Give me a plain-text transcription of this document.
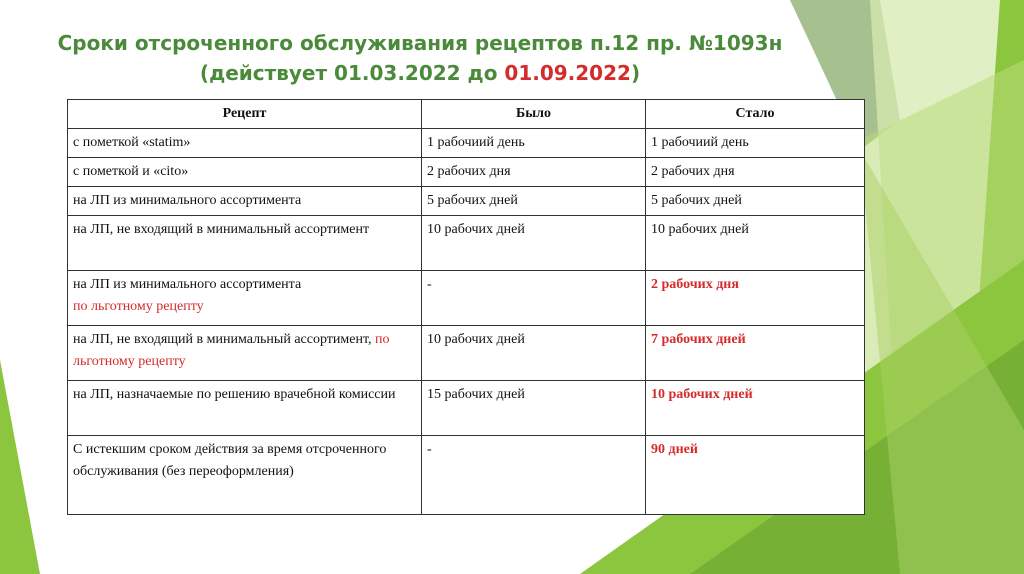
Сроки отсроченного обслуживания рецептов п.12 пр. №1093н
(действует 01.03.2022 до 01.09.2022)
Рецепт	Было	Стало
с пометкой «statim»	1 рабочиий день	1 рабочиий день
с пометкой и «cito»	2 рабочих дня	2 рабочих дня
на ЛП из минимального ассортимента	5 рабочих дней	5 рабочих дней
на ЛП, не входящий в минимальный ассортимент	10 рабочих дней	10 рабочих дней
на ЛП из минимального ассортимента
по льготному рецепту	-	2 рабочих дня
на ЛП, не входящий в минимальный ассортимент, по льготному рецепту	10 рабочих дней	7 рабочих дней
на ЛП, назначаемые по решению врачебной комиссии	15 рабочих дней	10 рабочих дней
С истекшим сроком действия за время отсроченного обслуживания (без переоформления)	-	90 дней
